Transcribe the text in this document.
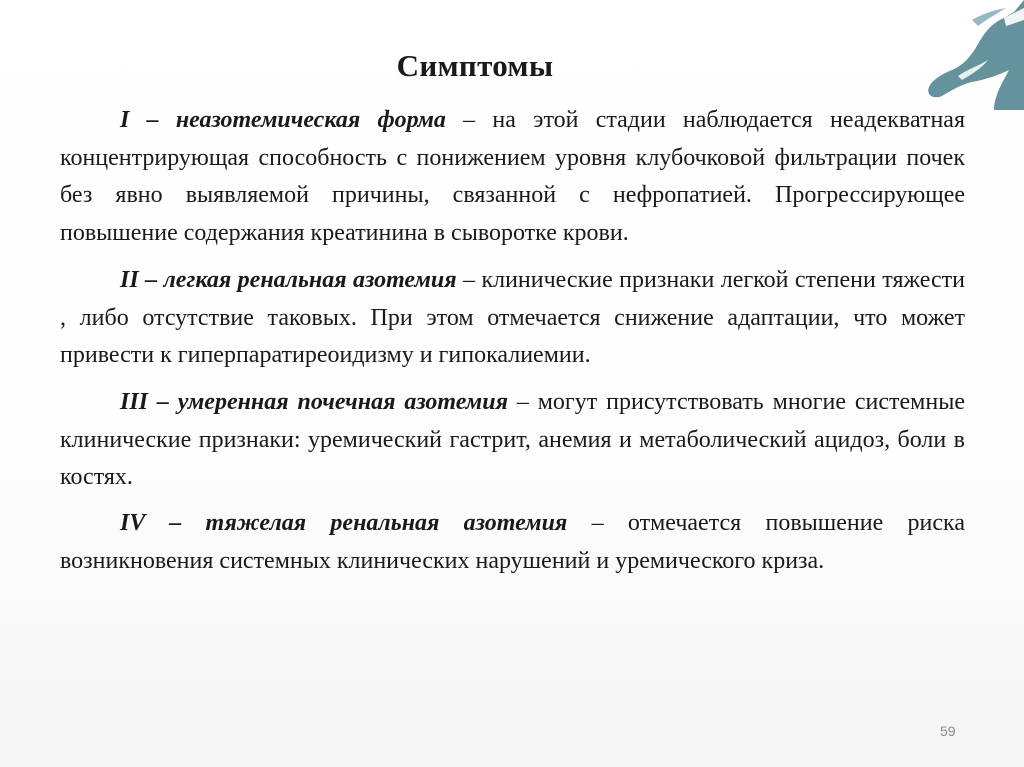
Симптомы

I – неазотемическая форма – на этой стадии наблюдается неадекватная концентрирующая способность с понижением уровня клубочковой фильтрации почек без явно выявляемой причины, связанной с нефропатией. Прогрессирующее повышение содержания креатинина в сыворотке крови.

II – легкая ренальная азотемия – клинические признаки легкой степени тяжести , либо отсутствие таковых. При этом отмечается снижение адаптации, что может привести к гиперпаратиреоидизму и гипокалиемии.

III – умеренная почечная азотемия – могут присутствовать многие системные клинические признаки: уремический гастрит, анемия и метаболический ацидоз, боли в костях.

IV – тяжелая ренальная азотемия – отмечается повышение риска возникновения системных клинических нарушений и уремического криза.

59
